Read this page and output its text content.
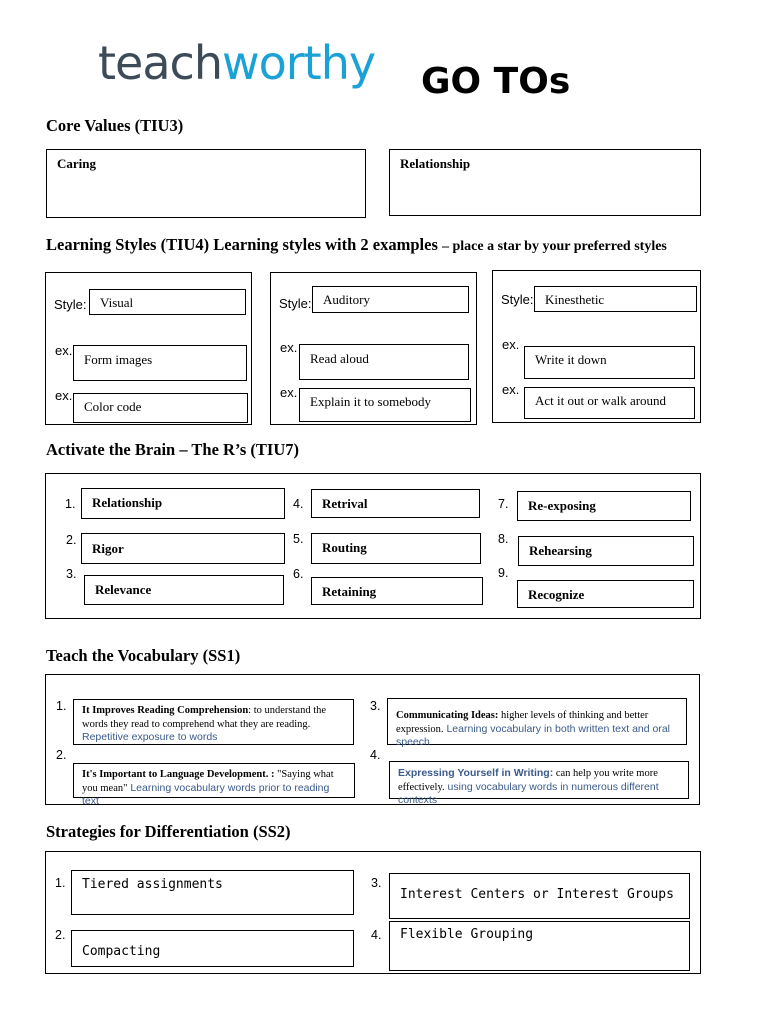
teachworthy GO TOs
Core Values (TIU3)
Caring	Relationship
Learning Styles (TIU4) Learning styles with 2 examples – place a star by your preferred styles
Style:	Visual
ex.
Form images
ex.
Color code
Style: Auditory
ex.
Read aloud
ex.
Explain it to somebody
Style: Kinesthetic
ex.
Write it down
ex.
Act it out or walk around
Activate the Brain – The R’s (TIU7)
1.	Relationship
2.
Rigor
3.
Relevance
4.	Retrival
5.
Routing
6.
Retaining
7.	Re-exposing
8.
Rehearsing
9.
Recognize
Teach the Vocabulary (SS1)
1.	It Improves Reading Comprehension: to understand the words they read to comprehend what they are reading. Repetitive exposure to words
2.
It's Important to Language Development. : "Saying what you mean" Learning vocabulary words prior to reading text
3.
Communicating Ideas: higher levels of thinking and better expression. Learning vocabulary in both written text and oral speech
4.
Expressing Yourself in Writing: can help you write more effectively. using vocabulary words in numerous different contexts
Strategies for Differentiation (SS2)
1.	Tiered assignments
2.
Compacting
3.
Interest Centers or Interest Groups
4.	Flexible Grouping
